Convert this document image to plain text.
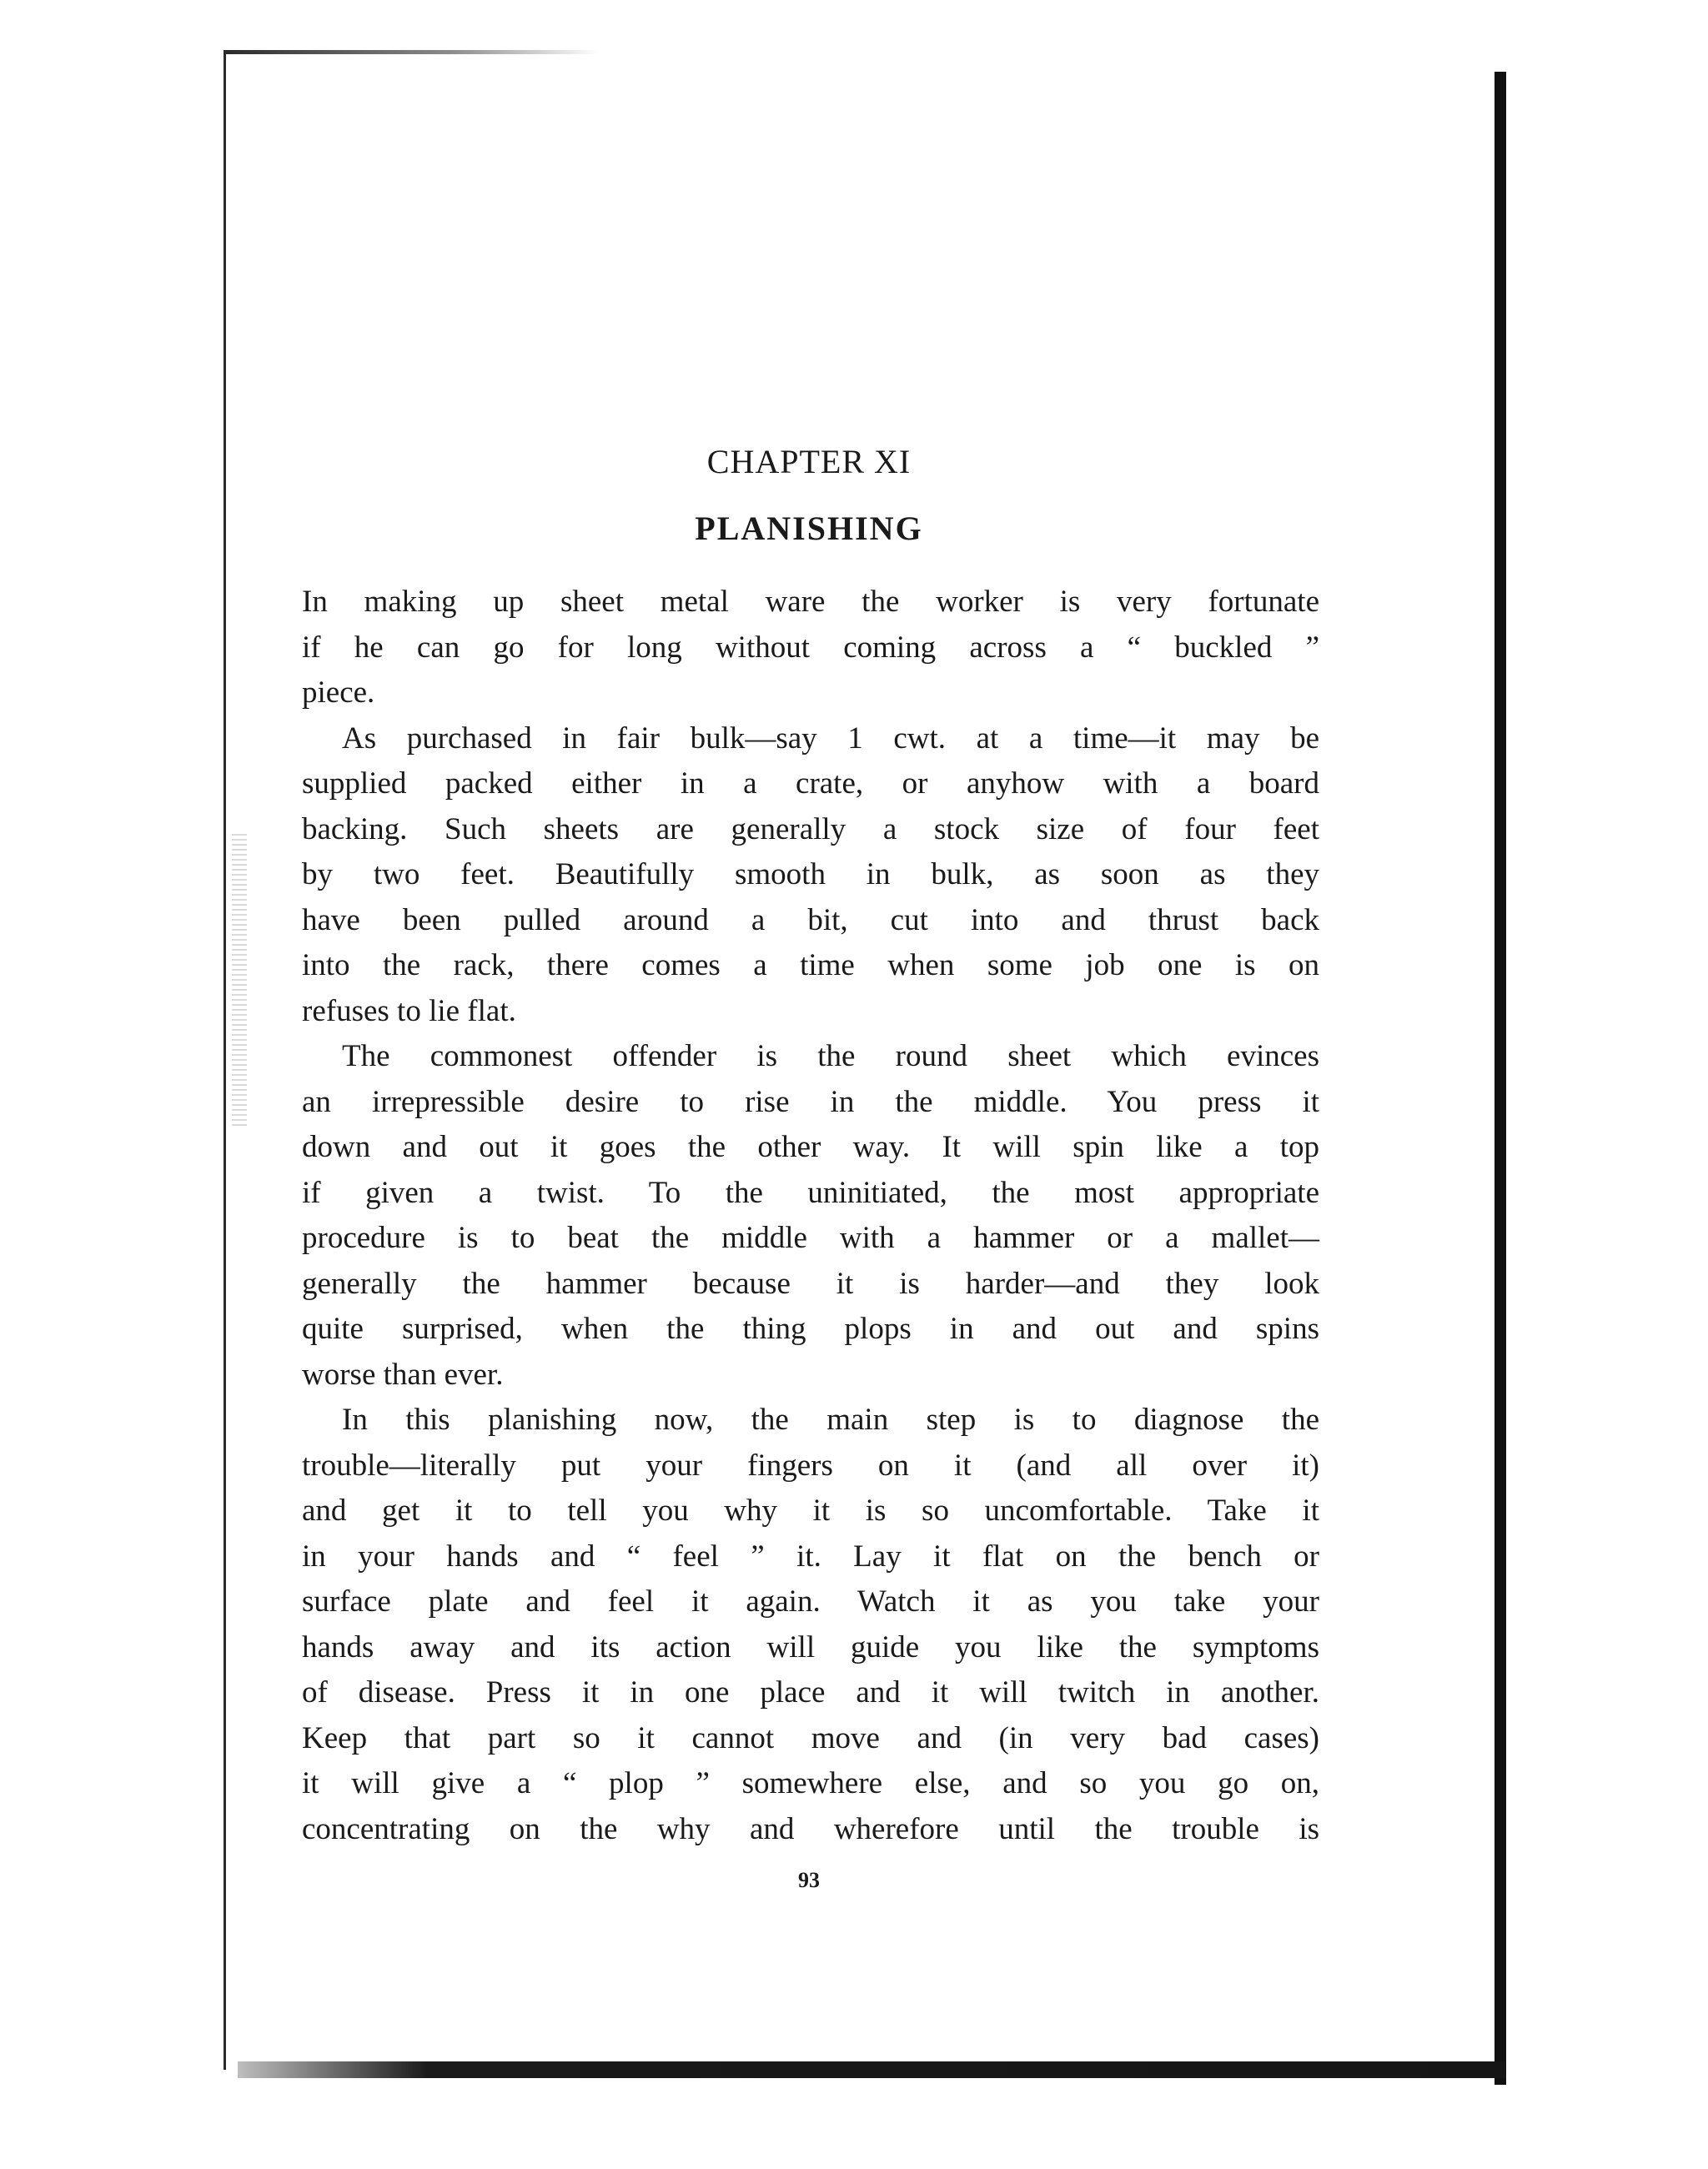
CHAPTER XI
PLANISHING
In making up sheet metal ware the worker is very fortunate
if he can go for long without coming across a “ buckled ”
piece.
As purchased in fair bulk—say 1 cwt. at a time—it may be
supplied packed either in a crate, or anyhow with a board
backing. Such sheets are generally a stock size of four feet
by two feet. Beautifully smooth in bulk, as soon as they
have been pulled around a bit, cut into and thrust back
into the rack, there comes a time when some job one is on
refuses to lie flat.
The commonest offender is the round sheet which evinces
an irrepressible desire to rise in the middle. You press it
down and out it goes the other way. It will spin like a top
if given a twist. To the uninitiated, the most appropriate
procedure is to beat the middle with a hammer or a mallet—
generally the hammer because it is harder—and they look
quite surprised, when the thing plops in and out and spins
worse than ever.
In this planishing now, the main step is to diagnose the
trouble—literally put your fingers on it (and all over it)
and get it to tell you why it is so uncomfortable. Take it
in your hands and “ feel ” it. Lay it flat on the bench or
surface plate and feel it again. Watch it as you take your
hands away and its action will guide you like the symptoms
of disease. Press it in one place and it will twitch in another.
Keep that part so it cannot move and (in very bad cases)
it will give a “ plop ” somewhere else, and so you go on,
concentrating on the why and wherefore until the trouble is
93
